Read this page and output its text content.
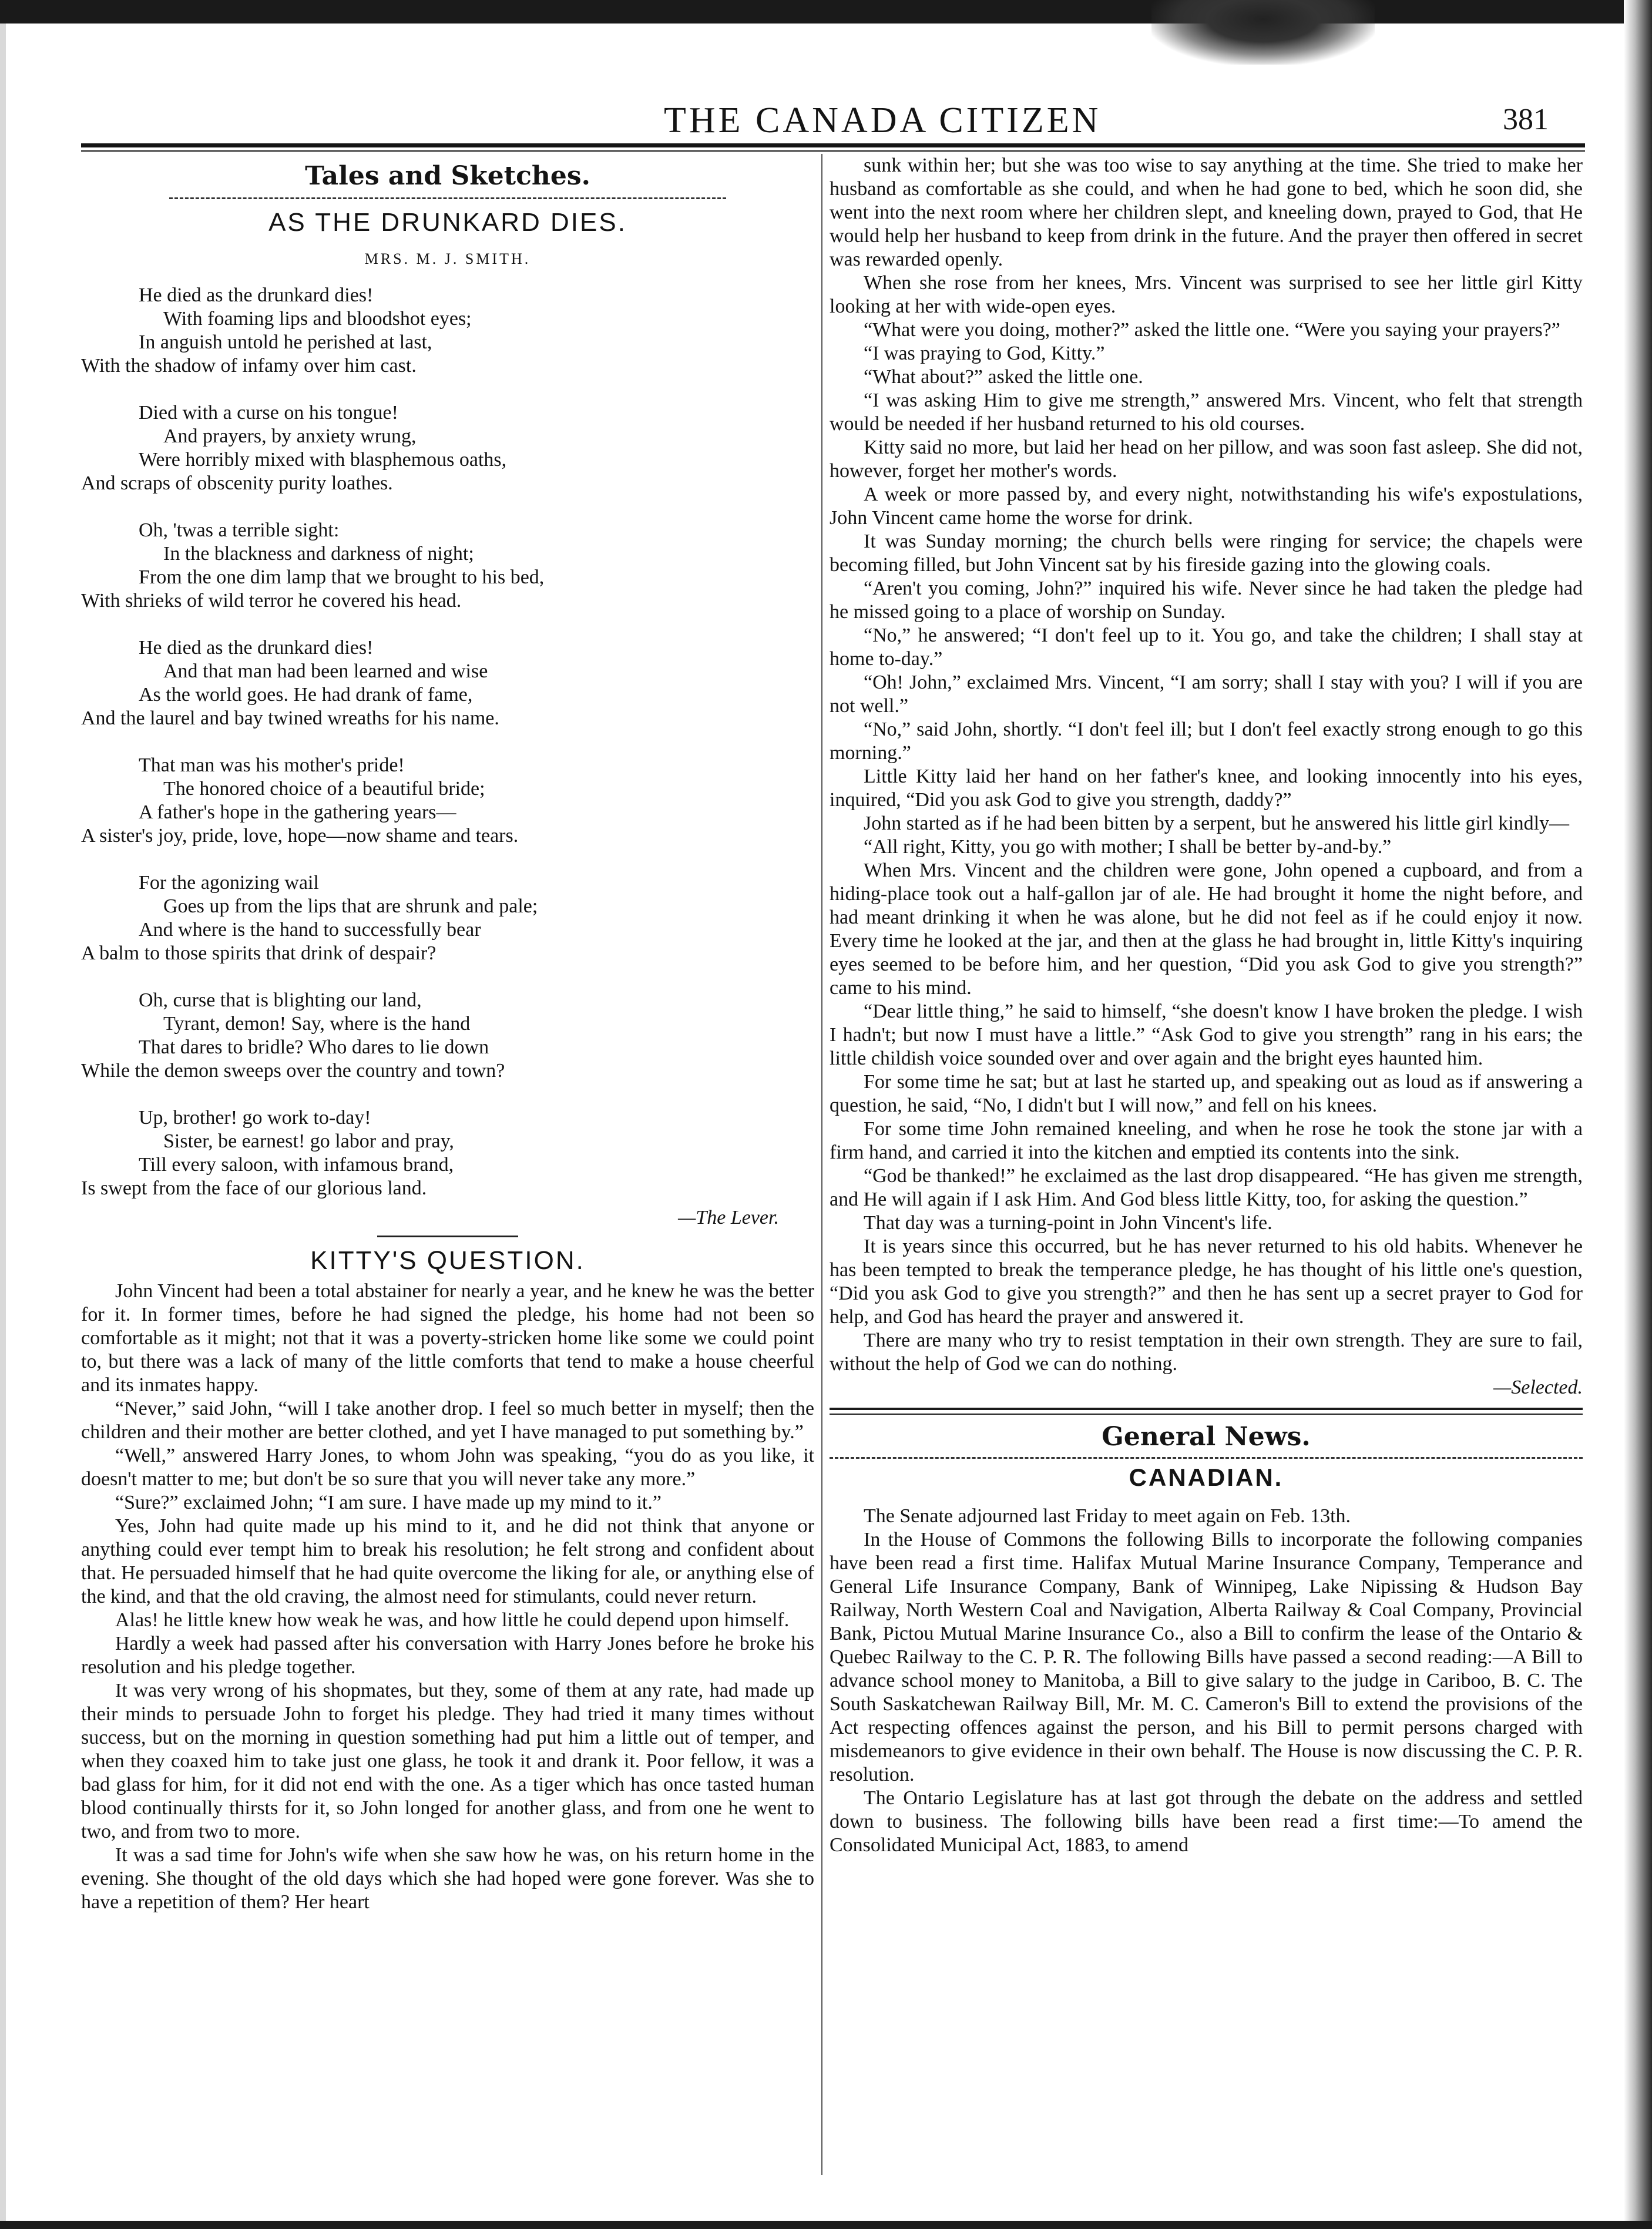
THE CANADA CITIZEN	381
Tales and Sketches.
AS THE DRUNKARD DIES.
MRS. M. J. SMITH.
He died as the drunkard dies!
With foaming lips and bloodshot eyes;
In anguish untold he perished at last,
With the shadow of infamy over him cast.
Died with a curse on his tongue!
And prayers, by anxiety wrung,
Were horribly mixed with blasphemous oaths,
And scraps of obscenity purity loathes.
Oh, 'twas a terrible sight:
In the blackness and darkness of night;
From the one dim lamp that we brought to his bed,
With shrieks of wild terror he covered his head.
He died as the drunkard dies!
And that man had been learned and wise
As the world goes. He had drank of fame,
And the laurel and bay twined wreaths for his name.
That man was his mother's pride!
The honored choice of a beautiful bride;
A father's hope in the gathering years—
A sister's joy, pride, love, hope—now shame and tears.
For the agonizing wail
Goes up from the lips that are shrunk and pale;
And where is the hand to successfully bear
A balm to those spirits that drink of despair?
Oh, curse that is blighting our land,
Tyrant, demon! Say, where is the hand
That dares to bridle? Who dares to lie down
While the demon sweeps over the country and town?
Up, brother! go work to-day!
Sister, be earnest! go labor and pray,
Till every saloon, with infamous brand,
Is swept from the face of our glorious land.
—The Lever.
KITTY'S QUESTION.

John Vincent had been a total abstainer for nearly a year, and he knew he was the better for it. In former times, before he had signed the pledge, his home had not been so comfortable as it might; not that it was a poverty-stricken home like some we could point to, but there was a lack of many of the little comforts that tend to make a house cheerful and its inmates happy.

“Never,” said John, “will I take another drop. I feel so much better in myself; then the children and their mother are better clothed, and yet I have managed to put something by.”

“Well,” answered Harry Jones, to whom John was speaking, “you do as you like, it doesn't matter to me; but don't be so sure that you will never take any more.”

“Sure?” exclaimed John; “I am sure. I have made up my mind to it.”

Yes, John had quite made up his mind to it, and he did not think that anyone or anything could ever tempt him to break his resolution; he felt strong and confident about that. He persuaded himself that he had quite overcome the liking for ale, or anything else of the kind, and that the old craving, the almost need for stimulants, could never return.

Alas! he little knew how weak he was, and how little he could depend upon himself.

Hardly a week had passed after his conversation with Harry Jones before he broke his resolution and his pledge together.

It was very wrong of his shopmates, but they, some of them at any rate, had made up their minds to persuade John to forget his pledge. They had tried it many times without success, but on the morning in question something had put him a little out of temper, and when they coaxed him to take just one glass, he took it and drank it. Poor fellow, it was a bad glass for him, for it did not end with the one. As a tiger which has once tasted human blood continually thirsts for it, so John longed for another glass, and from one he went to two, and from two to more.

It was a sad time for John's wife when she saw how he was, on his return home in the evening. She thought of the old days which she had hoped were gone forever. Was she to have a repetition of them? Her heart

sunk within her; but she was too wise to say anything at the time. She tried to make her husband as comfortable as she could, and when he had gone to bed, which he soon did, she went into the next room where her children slept, and kneeling down, prayed to God, that He would help her husband to keep from drink in the future. And the prayer then offered in secret was rewarded openly.

When she rose from her knees, Mrs. Vincent was surprised to see her little girl Kitty looking at her with wide-open eyes.

“What were you doing, mother?” asked the little one. “Were you saying your prayers?”

“I was praying to God, Kitty.”

“What about?” asked the little one.

“I was asking Him to give me strength,” answered Mrs. Vincent, who felt that strength would be needed if her husband returned to his old courses.

Kitty said no more, but laid her head on her pillow, and was soon fast asleep. She did not, however, forget her mother's words.

A week or more passed by, and every night, notwithstanding his wife's expostulations, John Vincent came home the worse for drink.

It was Sunday morning; the church bells were ringing for service; the chapels were becoming filled, but John Vincent sat by his fireside gazing into the glowing coals.

“Aren't you coming, John?” inquired his wife. Never since he had taken the pledge had he missed going to a place of worship on Sunday.

“No,” he answered; “I don't feel up to it. You go, and take the children; I shall stay at home to-day.”

“Oh! John,” exclaimed Mrs. Vincent, “I am sorry; shall I stay with you? I will if you are not well.”

“No,” said John, shortly. “I don't feel ill; but I don't feel exactly strong enough to go this morning.”

Little Kitty laid her hand on her father's knee, and looking innocently into his eyes, inquired, “Did you ask God to give you strength, daddy?”

John started as if he had been bitten by a serpent, but he answered his little girl kindly—

“All right, Kitty, you go with mother; I shall be better by-and-by.”

When Mrs. Vincent and the children were gone, John opened a cupboard, and from a hiding-place took out a half-gallon jar of ale. He had brought it home the night before, and had meant drinking it when he was alone, but he did not feel as if he could enjoy it now. Every time he looked at the jar, and then at the glass he had brought in, little Kitty's inquiring eyes seemed to be before him, and her question, “Did you ask God to give you strength?” came to his mind.

“Dear little thing,” he said to himself, “she doesn't know I have broken the pledge. I wish I hadn't; but now I must have a little.” “Ask God to give you strength” rang in his ears; the little childish voice sounded over and over again and the bright eyes haunted him.

For some time he sat; but at last he started up, and speaking out as loud as if answering a question, he said, “No, I didn't but I will now,” and fell on his knees.

For some time John remained kneeling, and when he rose he took the stone jar with a firm hand, and carried it into the kitchen and emptied its contents into the sink.

“God be thanked!” he exclaimed as the last drop disappeared. “He has given me strength, and He will again if I ask Him. And God bless little Kitty, too, for asking the question.”

That day was a turning-point in John Vincent's life.

It is years since this occurred, but he has never returned to his old habits. Whenever he has been tempted to break the temperance pledge, he has thought of his little one's question, “Did you ask God to give you strength?” and then he has sent up a secret prayer to God for help, and God has heard the prayer and answered it.

There are many who try to resist temptation in their own strength. They are sure to fail, without the help of God we can do nothing.

—Selected.
General News.
CANADIAN.

The Senate adjourned last Friday to meet again on Feb. 13th.

In the House of Commons the following Bills to incorporate the following companies have been read a first time. Halifax Mutual Marine Insurance Company, Temperance and General Life Insurance Company, Bank of Winnipeg, Lake Nipissing & Hudson Bay Railway, North Western Coal and Navigation, Alberta Railway & Coal Company, Provincial Bank, Pictou Mutual Marine Insurance Co., also a Bill to confirm the lease of the Ontario & Quebec Railway to the C. P. R. The following Bills have passed a second reading:—A Bill to advance school money to Manitoba, a Bill to give salary to the judge in Cariboo, B. C. The South Saskatchewan Railway Bill, Mr. M. C. Cameron's Bill to extend the provisions of the Act respecting offences against the person, and his Bill to permit persons charged with misdemeanors to give evidence in their own behalf. The House is now discussing the C. P. R. resolution.

The Ontario Legislature has at last got through the debate on the address and settled down to business. The following bills have been read a first time:—To amend the Consolidated Municipal Act, 1883, to amend
